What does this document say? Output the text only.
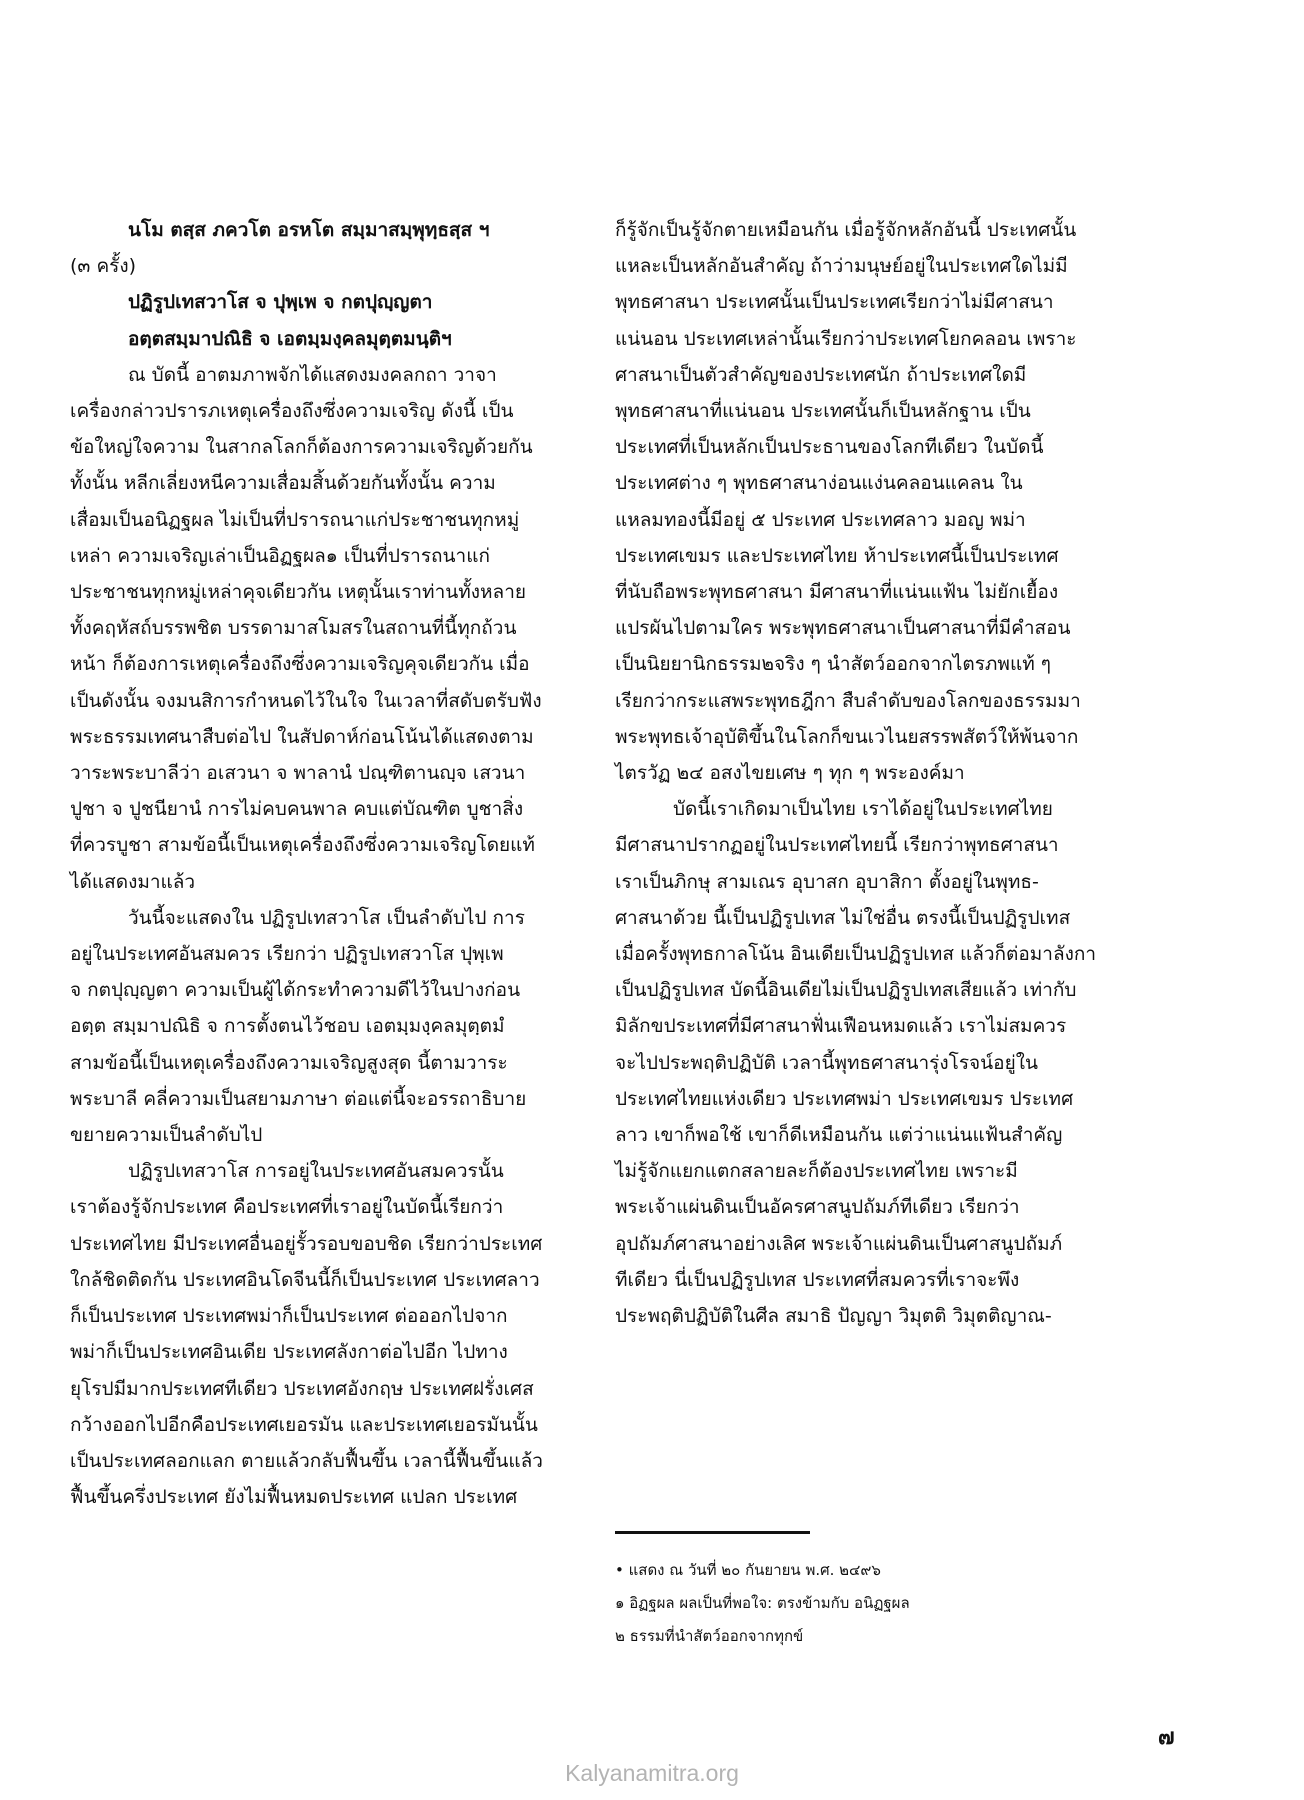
นโม ตสฺส ภควโต อรหโต สมฺมาสมฺพุทฺธสฺส ฯ

(๓ ครั้ง)

ปฏิรูปเทสวาโส จ ปุพฺเพ จ กตปุญฺญตา

อตฺตสมฺมาปณิธิ จ เอตมฺมงฺคลมุตฺตมนฺติฯ

ณ บัดนี้ อาตมภาพจักได้แสดงมงคลกถา วาจา

เครื่องกล่าวปรารภเหตุเครื่องถึงซึ่งความเจริญ ดังนี้ เป็น

ข้อใหญ่ใจความ ในสากลโลกก็ต้องการความเจริญด้วยกัน

ทั้งนั้น หลีกเลี่ยงหนีความเสื่อมสิ้นด้วยกันทั้งนั้น ความ

เสื่อมเป็นอนิฏฐผล ไม่เป็นที่ปรารถนาแก่ประชาชนทุกหมู่

เหล่า ความเจริญเล่าเป็นอิฏฐผล๑ เป็นที่ปรารถนาแก่

ประชาชนทุกหมู่เหล่าคุจเดียวกัน เหตุนั้นเราท่านทั้งหลาย

ทั้งคฤหัสถ์บรรพชิต บรรดามาสโมสรในสถานที่นี้ทุกถ้วน

หน้า ก็ต้องการเหตุเครื่องถึงซึ่งความเจริญคุจเดียวกัน เมื่อ

เป็นดังนั้น จงมนสิการกำหนดไว้ในใจ ในเวลาที่สดับตรับฟัง

พระธรรมเทศนาสืบต่อไป ในสัปดาห์ก่อนโน้นได้แสดงตาม

วาระพระบาลีว่า อเสวนา จ พาลานํ ปณฺฑิตานญฺจ เสวนา

ปูชา จ ปูชนียานํ การไม่คบคนพาล คบแต่บัณฑิต บูชาสิ่ง

ที่ควรบูชา สามข้อนี้เป็นเหตุเครื่องถึงซึ่งความเจริญโดยแท้

ได้แสดงมาแล้ว

วันนี้จะแสดงใน ปฏิรูปเทสวาโส เป็นลำดับไป การ

อยู่ในประเทศอันสมควร เรียกว่า ปฏิรูปเทสวาโส ปุพฺเพ

จ กตปุญฺญตา ความเป็นผู้ได้กระทำความดีไว้ในปางก่อน

อตฺต สมฺมาปณิธิ จ การตั้งตนไว้ชอบ เอตมฺมงฺคลมุตฺตมํ

สามข้อนี้เป็นเหตุเครื่องถึงความเจริญสูงสุด นี้ตามวาระ

พระบาลี คลี่ความเป็นสยามภาษา ต่อแต่นี้จะอรรถาธิบาย

ขยายความเป็นลำดับไป

ปฏิรูปเทสวาโส การอยู่ในประเทศอันสมควรนั้น

เราต้องรู้จักประเทศ คือประเทศที่เราอยู่ในบัดนี้เรียกว่า

ประเทศไทย มีประเทศอื่นอยู่รั้วรอบขอบชิด เรียกว่าประเทศ

ใกล้ชิดติดกัน ประเทศอินโดจีนนี้ก็เป็นประเทศ ประเทศลาว

ก็เป็นประเทศ ประเทศพม่าก็เป็นประเทศ ต่อออกไปจาก

พม่าก็เป็นประเทศอินเดีย ประเทศลังกาต่อไปอีก ไปทาง

ยุโรปมีมากประเทศทีเดียว ประเทศอังกฤษ ประเทศฝรั่งเศส

กว้างออกไปอีกคือประเทศเยอรมัน และประเทศเยอรมันนั้น

เป็นประเทศลอกแลก ตายแล้วกลับฟื้นขึ้น เวลานี้ฟื้นขึ้นแล้ว

ฟื้นขึ้นครึ่งประเทศ ยังไม่ฟื้นหมดประเทศ แปลก ประเทศ

ก็รู้จักเป็นรู้จักตายเหมือนกัน เมื่อรู้จักหลักอันนี้ ประเทศนั้น

แหละเป็นหลักอันสำคัญ ถ้าว่ามนุษย์อยู่ในประเทศใดไม่มี

พุทธศาสนา ประเทศนั้นเป็นประเทศเรียกว่าไม่มีศาสนา

แน่นอน ประเทศเหล่านั้นเรียกว่าประเทศโยกคลอน เพราะ

ศาสนาเป็นตัวสำคัญของประเทศนัก ถ้าประเทศใดมี

พุทธศาสนาที่แน่นอน ประเทศนั้นก็เป็นหลักฐาน เป็น

ประเทศที่เป็นหลักเป็นประธานของโลกทีเดียว ในบัดนี้

ประเทศต่าง ๆ พุทธศาสนาง่อนแง่นคลอนแคลน ใน

แหลมทองนี้มีอยู่ ๕ ประเทศ ประเทศลาว มอญ พม่า

ประเทศเขมร และประเทศไทย ห้าประเทศนี้เป็นประเทศ

ที่นับถือพระพุทธศาสนา มีศาสนาที่แน่นแฟ้น ไม่ยักเยื้อง

แปรผันไปตามใคร พระพุทธศาสนาเป็นศาสนาที่มีคำสอน

เป็นนิยยานิกธรรม๒จริง ๆ นำสัตว์ออกจากไตรภพแท้ ๆ

เรียกว่ากระแสพระพุทธฎีกา สืบลำดับของโลกของธรรมมา

พระพุทธเจ้าอุบัติขึ้นในโลกก็ขนเวไนยสรรพสัตว์ให้พ้นจาก

ไตรวัฏ ๒๔ อสงไขยเศษ ๆ ทุก ๆ พระองค์มา

บัดนี้เราเกิดมาเป็นไทย เราได้อยู่ในประเทศไทย

มีศาสนาปรากฏอยู่ในประเทศไทยนี้ เรียกว่าพุทธศาสนา

เราเป็นภิกษุ สามเณร อุบาสก อุบาสิกา ตั้งอยู่ในพุทธ-

ศาสนาด้วย นี้เป็นปฏิรูปเทส ไม่ใช่อื่น ตรงนี้เป็นปฏิรูปเทส

เมื่อครั้งพุทธกาลโน้น อินเดียเป็นปฏิรูปเทส แล้วก็ต่อมาลังกา

เป็นปฏิรูปเทส บัดนี้อินเดียไม่เป็นปฏิรูปเทสเสียแล้ว เท่ากับ

มิลักขประเทศที่มีศาสนาฟั่นเฟือนหมดแล้ว เราไม่สมควร

จะไปประพฤติปฏิบัติ เวลานี้พุทธศาสนารุ่งโรจน์อยู่ใน

ประเทศไทยแห่งเดียว ประเทศพม่า ประเทศเขมร ประเทศ

ลาว เขาก็พอใช้ เขาก็ดีเหมือนกัน แต่ว่าแน่นแฟ้นสำคัญ

ไม่รู้จักแยกแตกสลายละก็ต้องประเทศไทย เพราะมี

พระเจ้าแผ่นดินเป็นอัครศาสนูปถัมภ์ทีเดียว เรียกว่า

อุปถัมภ์ศาสนาอย่างเลิศ พระเจ้าแผ่นดินเป็นศาสนูปถัมภ์

ทีเดียว นี่เป็นปฏิรูปเทส ประเทศที่สมควรที่เราจะพึง

ประพฤติปฏิบัติในศีล สมาธิ ปัญญา วิมุตติ วิมุตติญาณ-

• แสดง ณ วันที่ ๒๐ กันยายน พ.ศ. ๒๔๙๖
๑ อิฏฐผล ผลเป็นที่พอใจ: ตรงข้ามกับ อนิฏฐผล
๒ ธรรมที่นำสัตว์ออกจากทุกข์
๗
Kalyanamitra.org
